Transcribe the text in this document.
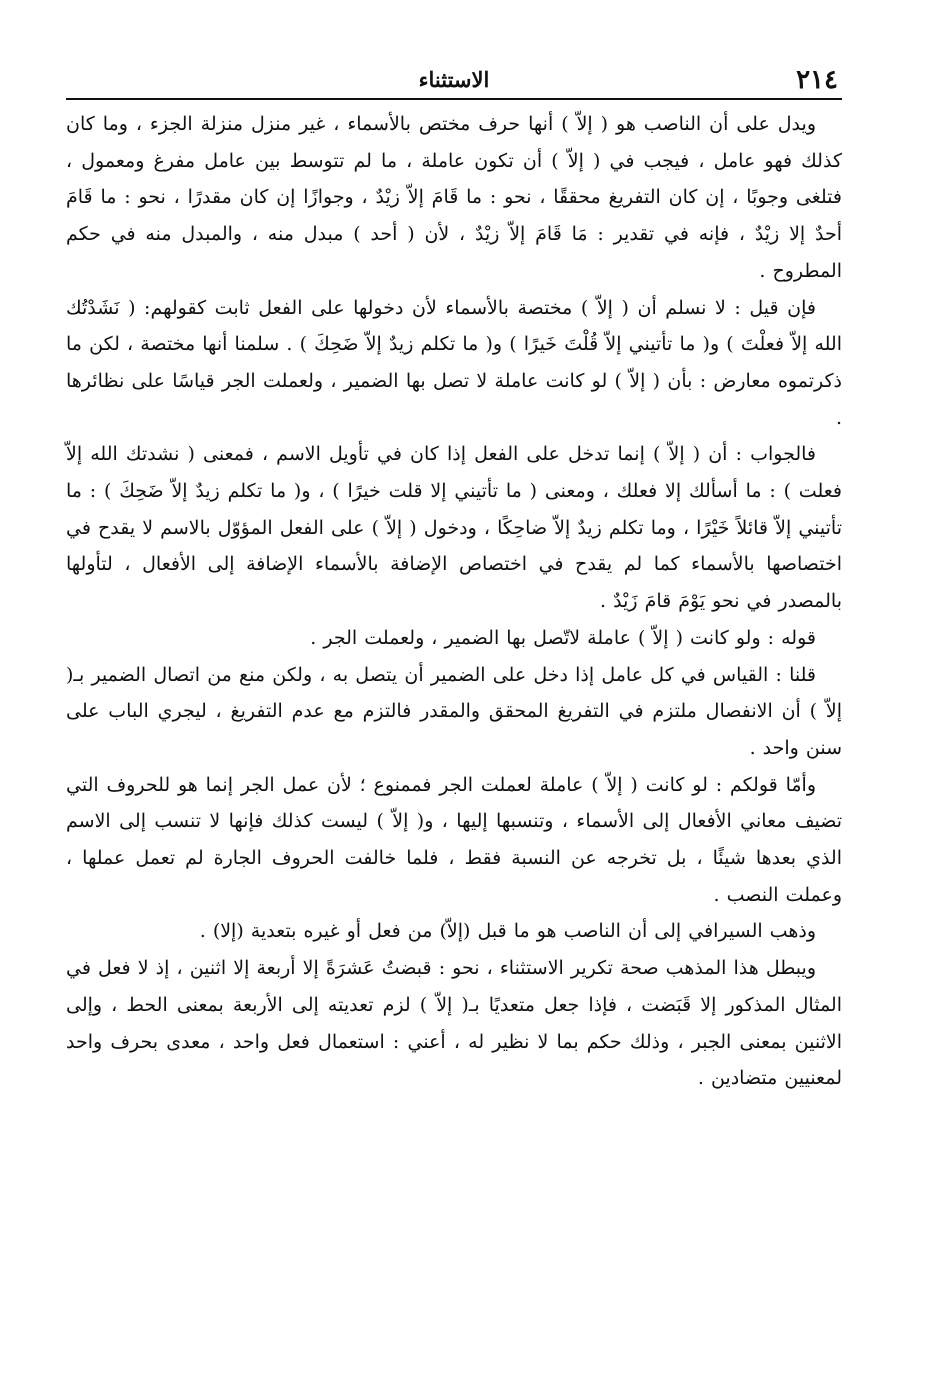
٢١٤
الاستثناء

ويدل على أن الناصب هو ( إلاّ ) أنها حرف مختص بالأسماء ، غير منزل منزلة الجزء ، وما كان كذلك فهو عامل ، فيجب في ( إلاّ ) أن تكون عاملة ، ما لم تتوسط بين عامل مفرغ ومعمول ، فتلغى وجوبًا ، إن كان التفريغ محققًا ، نحو : ما قَامَ إلاّ زيْدٌ ، وجوازًا إن كان مقدرًا ، نحو : ما قَامَ أحدٌ إلا زيْدٌ ، فإنه في تقدير : مَا قَامَ إلاّ زيْدٌ ، لأن ( أحد ) مبدل منه ، والمبدل منه في حكم المطروح .

فإن قيل : لا نسلم أن ( إلاّ ) مختصة بالأسماء لأن دخولها على الفعل ثابت كقولهم: ( نَشَدْتُك الله إلاّ فعلْتَ ) و( ما تأتيني إلاّ قُلْتَ خَيرًا ) و( ما تكلم زيدٌ إلاّ ضَحِكَ ) . سلمنا أنها مختصة ، لكن ما ذكرتموه معارض : بأن ( إلاّ ) لو كانت عاملة لا تصل بها الضمير ، ولعملت الجر قياسًا على نظائرها .

فالجواب : أن ( إلاّ ) إنما تدخل على الفعل إذا كان في تأويل الاسم ، فمعنى ( نشدتك الله إلاّ فعلت ) : ما أسألك إلا فعلك ، ومعنى ( ما تأتيني إلا قلت خيرًا ) ، و( ما تكلم زيدٌ إلاّ ضَحِكَ ) : ما تأتيني إلاّ قائلاً خَيْرًا ، وما تكلم زيدٌ إلاّ ضاحِكًا ، ودخول ( إلاّ ) على الفعل المؤوّل بالاسم لا يقدح في اختصاصها بالأسماء كما لم يقدح في اختصاص الإضافة بالأسماء الإضافة إلى الأفعال ، لتأولها بالمصدر في نحو يَوْمَ قامَ زَيْدٌ .

قوله : ولو كانت ( إلاّ ) عاملة لاتّصل بها الضمير ، ولعملت الجر .

قلنا : القياس في كل عامل إذا دخل على الضمير أن يتصل به ، ولكن منع من اتصال الضمير بـ( إلاّ ) أن الانفصال ملتزم في التفريغ المحقق والمقدر فالتزم مع عدم التفريغ ، ليجري الباب على سنن واحد .

وأمّا قولكم : لو كانت ( إلاّ ) عاملة لعملت الجر فممنوع ؛ لأن عمل الجر إنما هو للحروف التي تضيف معاني الأفعال إلى الأسماء ، وتنسبها إليها ، و( إلاّ ) ليست كذلك فإنها لا تنسب إلى الاسم الذي بعدها شيئًا ، بل تخرجه عن النسبة فقط ، فلما خالفت الحروف الجارة لم تعمل عملها ، وعملت النصب .

وذهب السيرافي إلى أن الناصب هو ما قبل (إلاّ) من فعل أو غيره بتعدية (إلا) .

ويبطل هذا المذهب صحة تكرير الاستثناء ، نحو : قبضتُ عَشرَةً إلا أربعة إلا اثنين ، إذ لا فعل في المثال المذكور إلا قَبَضت ، فإذا جعل متعديًا بـ( إلاّ ) لزم تعديته إلى الأربعة بمعنى الحط ، وإلى الاثنين بمعنى الجبر ، وذلك حكم بما لا نظير له ، أعني : استعمال فعل واحد ، معدى بحرف واحد لمعنيين متضادين .
